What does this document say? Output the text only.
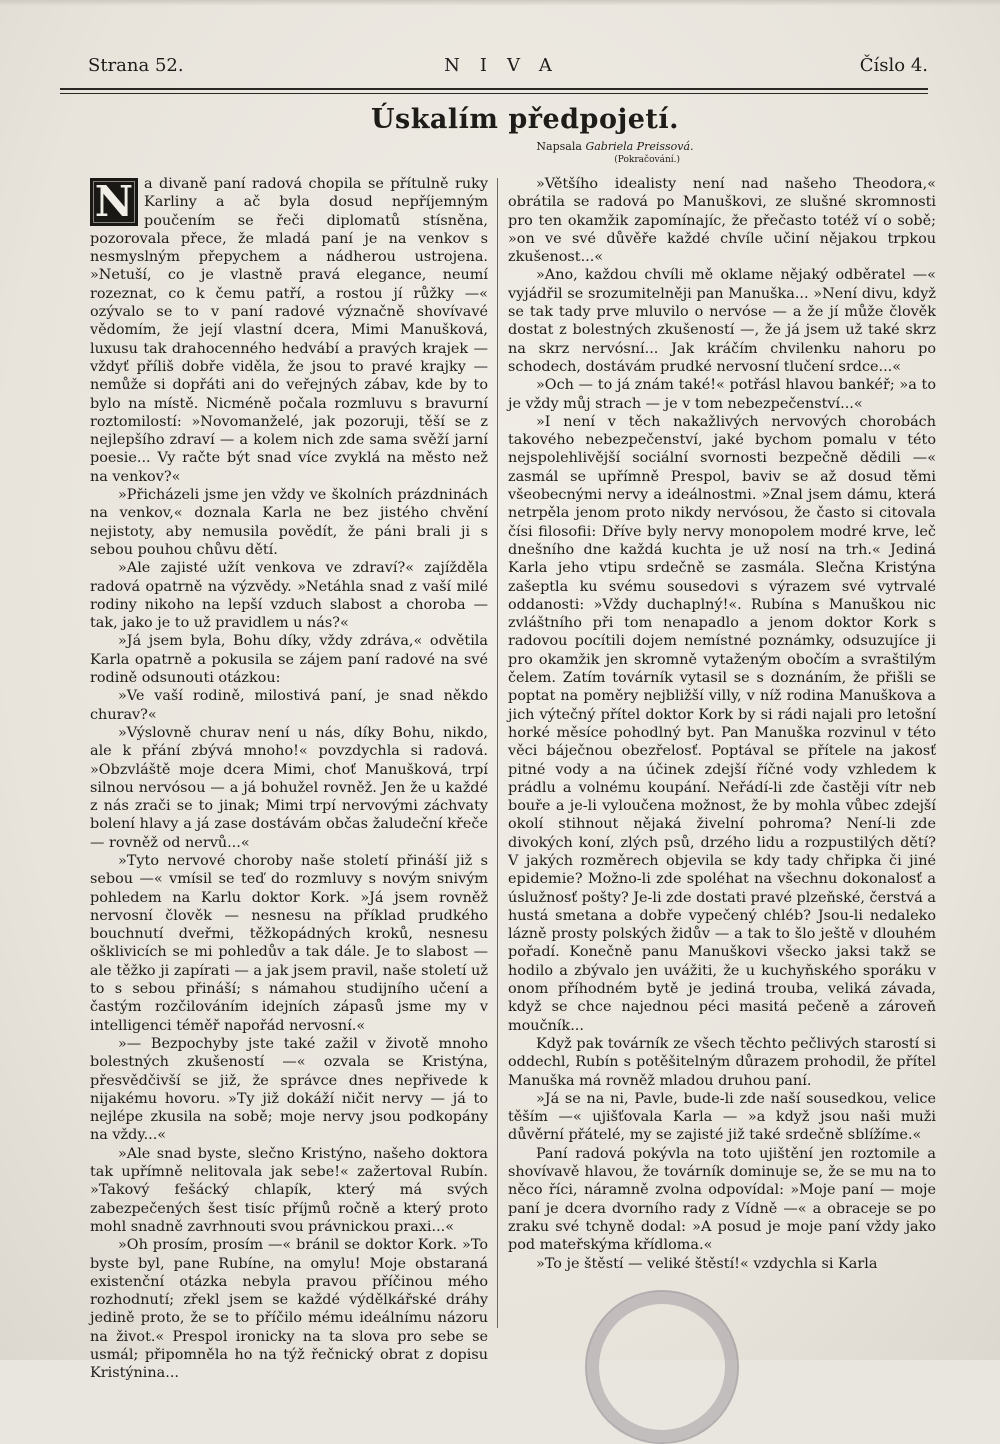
Strana 52.	NIVA	Číslo 4.
Úskalím předpojetí.
Napsala Gabriela Preissová.
(Pokračování.)

N a divaně paní radová chopila se přítulně ruky Karliny a ač byla dosud nepříjemným poučením se řeči diplomatů stísněna, pozorovala přece, že mladá paní je na venkov s nesmyslným přepychem a nádherou ustrojena. »Netuší, co je vlastně pravá elegance, neumí rozeznat, co k čemu patří, a rostou jí růžky —« ozývalo se to v paní radové význačně shovívavé vědomím, že její vlastní dcera, Mimi Manušková, luxusu tak drahocenného hedvábí a pravých krajek — vždyť příliš dobře viděla, že jsou to pravé krajky — nemůže si dopřáti ani do veřejných zábav, kde by to bylo na místě. Nicméně počala rozmluvu s bravurní roztomilostí: »Novomanželé, jak pozoruji, těší se z nejlepšího zdraví — a kolem nich zde sama svěží jarní poesie... Vy račte být snad více zvyklá na město než na venkov?«

»Přicházeli jsme jen vždy ve školních prázdninách na venkov,« doznala Karla ne bez jistého chvění nejistoty, aby nemusila povědít, že páni brali ji s sebou pouhou chůvu dětí.

»Ale zajisté užít venkova ve zdraví?« zajížděla radová opatrně na výzvědy. »Netáhla snad z vaší milé rodiny nikoho na lepší vzduch slabost a choroba — tak, jako je to už pravidlem u nás?«

»Já jsem byla, Bohu díky, vždy zdráva,« odvětila Karla opatrně a pokusila se zájem paní radové na své rodině odsunouti otázkou:

»Ve vaší rodině, milostivá paní, je snad někdo churav?«

»Výslovně churav není u nás, díky Bohu, nikdo, ale k přání zbývá mnoho!« povzdychla si radová. »Obzvláště moje dcera Mimi, choť Manušková, trpí silnou nervósou — a já bohužel rovněž. Jen že u každé z nás zrači se to jinak; Mimi trpí nervovými záchvaty bolení hlavy a já zase dostávám občas žaludeční křeče — rovněž od nervů...«

»Tyto nervové choroby naše století přináší již s sebou —« vmísil se teď do rozmluvy s novým snivým pohledem na Karlu doktor Kork. »Já jsem rovněž nervosní člověk — nesnesu na příklad prudkého bouchnutí dveřmi, těžkopádných kroků, nesnesu ošklivicích se mi pohledův a tak dále. Je to slabost — ale těžko ji zapírati — a jak jsem pravil, naše století už to s sebou přináší; s námahou studijního učení a častým rozčilováním idejních zápasů jsme my v intelligenci téměř napořád nervosní.«

»— Bezpochyby jste také zažil v životě mnoho bolestných zkušeností —« ozvala se Kristýna, přesvědčivší se již, že správce dnes nepřivede k nijakému hovoru. »Ty již dokáží ničit nervy — já to nejlépe zkusila na sobě; moje nervy jsou podkopány na vždy...«

»Ale snad byste, slečno Kristýno, našeho doktora tak upřímně nelitovala jak sebe!« zažertoval Rubín. »Takový fešácký chlapík, který má svých zabezpečených šest tisíc příjmů ročně a který proto mohl snadně zavrhnouti svou právnickou praxi...«

»Oh prosím, prosím —« bránil se doktor Kork. »To byste byl, pane Rubíne, na omylu! Moje obstaraná existenční otázka nebyla pravou příčinou mého rozhodnutí; zřekl jsem se každé výdělkářské dráhy jedině proto, že se to příčilo mému ideálnímu názoru na život.« Prespol ironicky na ta slova pro sebe se usmál; připomněla ho na týž řečnický obrat z dopisu Kristýnina...

»Většího idealisty není nad našeho Theodora,« obrátila se radová po Manuškovi, ze slušné skromnosti pro ten okamžik zapomínajíc, že přečasto totéž ví o sobě; »on ve své důvěře každé chvíle učiní nějakou trpkou zkušenost...«

»Ano, každou chvíli mě oklame nějaký odběratel —« vyjádřil se srozumitelněji pan Manuška... »Není divu, když se tak tady prve mluvilo o nervóse — a že jí může člověk dostat z bolestných zkušeností —, že já jsem už také skrz na skrz nervósní... Jak kráčím chvilenku nahoru po schodech, dostávám prudké nervosní tlučení srdce...«

»Och — to já znám také!« potřásl hlavou bankéř; »a to je vždy můj strach — je v tom nebezpečenství...«

»I není v těch nakažlivých nervových chorobách takového nebezpečenství, jaké bychom pomalu v této nejspolehlivější sociální svornosti bezpečně dědili —« zasmál se upřímně Prespol, baviv se až dosud těmi všeobecnými nervy a ideálnostmi. »Znal jsem dámu, která netrpěla jenom proto nikdy nervósou, že často si citovala čísi filosofii: Dříve byly nervy monopolem modré krve, leč dnešního dne každá kuchta je už nosí na trh.« Jediná Karla jeho vtipu srdečně se zasmála. Slečna Kristýna zašeptla ku svému sousedovi s výrazem své vytrvalé oddanosti: »Vždy duchaplný!«. Rubína s Manuškou nic zvláštního při tom nenapadlo a jenom doktor Kork s radovou pocítili dojem nemístné poznámky, odsuzujíce ji pro okamžik jen skromně vytaženým obočím a svraštilým čelem. Zatím továrník vytasil se s doznáním, že přišli se poptat na poměry nejbližší villy, v níž rodina Manuškova a jich výtečný přítel doktor Kork by si rádi najali pro letošní horké měsíce pohodlný byt. Pan Manuška rozvinul v této věci báječnou obezřelosť. Poptával se přítele na jakosť pitné vody a na účinek zdejší říčné vody vzhledem k prádlu a volnému koupání. Neřádí-li zde častěji vítr neb bouře a je-li vyloučena možnost, že by mohla vůbec zdejší okolí stihnout nějaká živelní pohroma? Není-li zde divokých koní, zlých psů, drzého lidu a rozpustilých dětí? V jakých rozměrech objevila se kdy tady chřipka či jiné epidemie? Možno-li zde spoléhat na všechnu dokonalosť a úslužnosť pošty? Je-li zde dostati pravé plzeňské, čerstvá a hustá smetana a dobře vypečený chléb? Jsou-li nedaleko lázně prosty polských židův — a tak to šlo ještě v dlouhém pořadí. Konečně panu Manuškovi všecko jaksi takž se hodilo a zbývalo jen uvážiti, že u kuchyňského sporáku v onom příhodném bytě je jediná trouba, veliká závada, když se chce najednou péci masitá pečeně a zároveň moučník...

Když pak továrník ze všech těchto pečlivých starostí si oddechl, Rubín s potěšitelným důrazem prohodil, že přítel Manuška má rovněž mladou druhou paní.

»Já se na ni, Pavle, bude-li zde naší sousedkou, velice těším —« ujišťovala Karla — »a když jsou naši muži důvěrní přátelé, my se zajisté již také srdečně sblížíme.«

Paní radová pokývla na toto ujištění jen roztomile a shovívavě hlavou, že továrník dominuje se, že se mu na to něco říci, náramně zvolna odpovídal: »Moje paní — moje paní je dcera dvorního rady z Vídně —« a obraceje se po zraku své tchyně dodal: »A posud je moje paní vždy jako pod mateřskýma křídloma.«

»To je štěstí — veliké štěstí!« vzdychla si Karla
